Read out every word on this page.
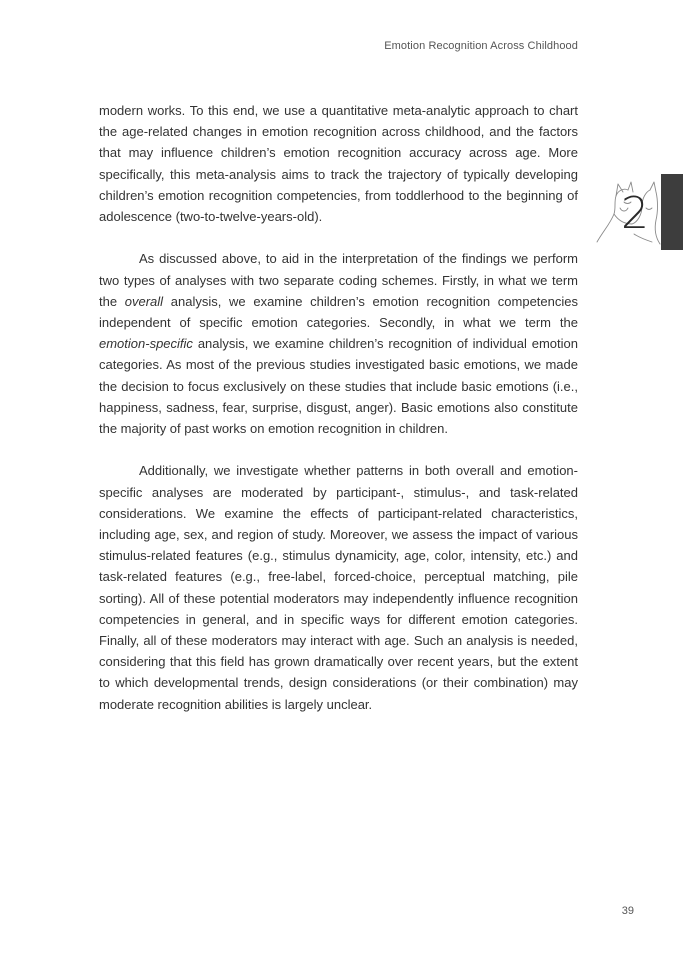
Emotion Recognition Across Childhood
2

modern works. To this end, we use a quantitative meta-analytic approach to chart the age-related changes in emotion recognition across childhood, and the factors that may influence children’s emotion recognition accuracy across age. More specifically, this meta-analysis aims to track the trajectory of typically developing children’s emotion recognition competencies, from toddlerhood to the beginning of adolescence (two-to-twelve-years-old).

As discussed above, to aid in the interpretation of the findings we perform two types of analyses with two separate coding schemes. Firstly, in what we term the overall analysis, we examine children’s emotion recognition competencies independent of specific emotion categories. Secondly, in what we term the emotion-specific analysis, we examine children’s recognition of individual emotion categories. As most of the previous studies investigated basic emotions, we made the decision to focus exclusively on these studies that include basic emotions (i.e., happiness, sadness, fear, surprise, disgust, anger). Basic emotions also constitute the majority of past works on emotion recognition in children.

Additionally, we investigate whether patterns in both overall and emotion-specific analyses are moderated by participant-, stimulus-, and task-related considerations. We examine the effects of participant-related characteristics, including age, sex, and region of study. Moreover, we assess the impact of various stimulus-related features (e.g., stimulus dynamicity, age, color, intensity, etc.) and task-related features (e.g., free-label, forced-choice, perceptual matching, pile sorting). All of these potential moderators may independently influence recognition competencies in general, and in specific ways for different emotion categories. Finally, all of these moderators may interact with age. Such an analysis is needed, considering that this field has grown dramatically over recent years, but the extent to which developmental trends, design considerations (or their combination) may moderate recognition abilities is largely unclear.

39
